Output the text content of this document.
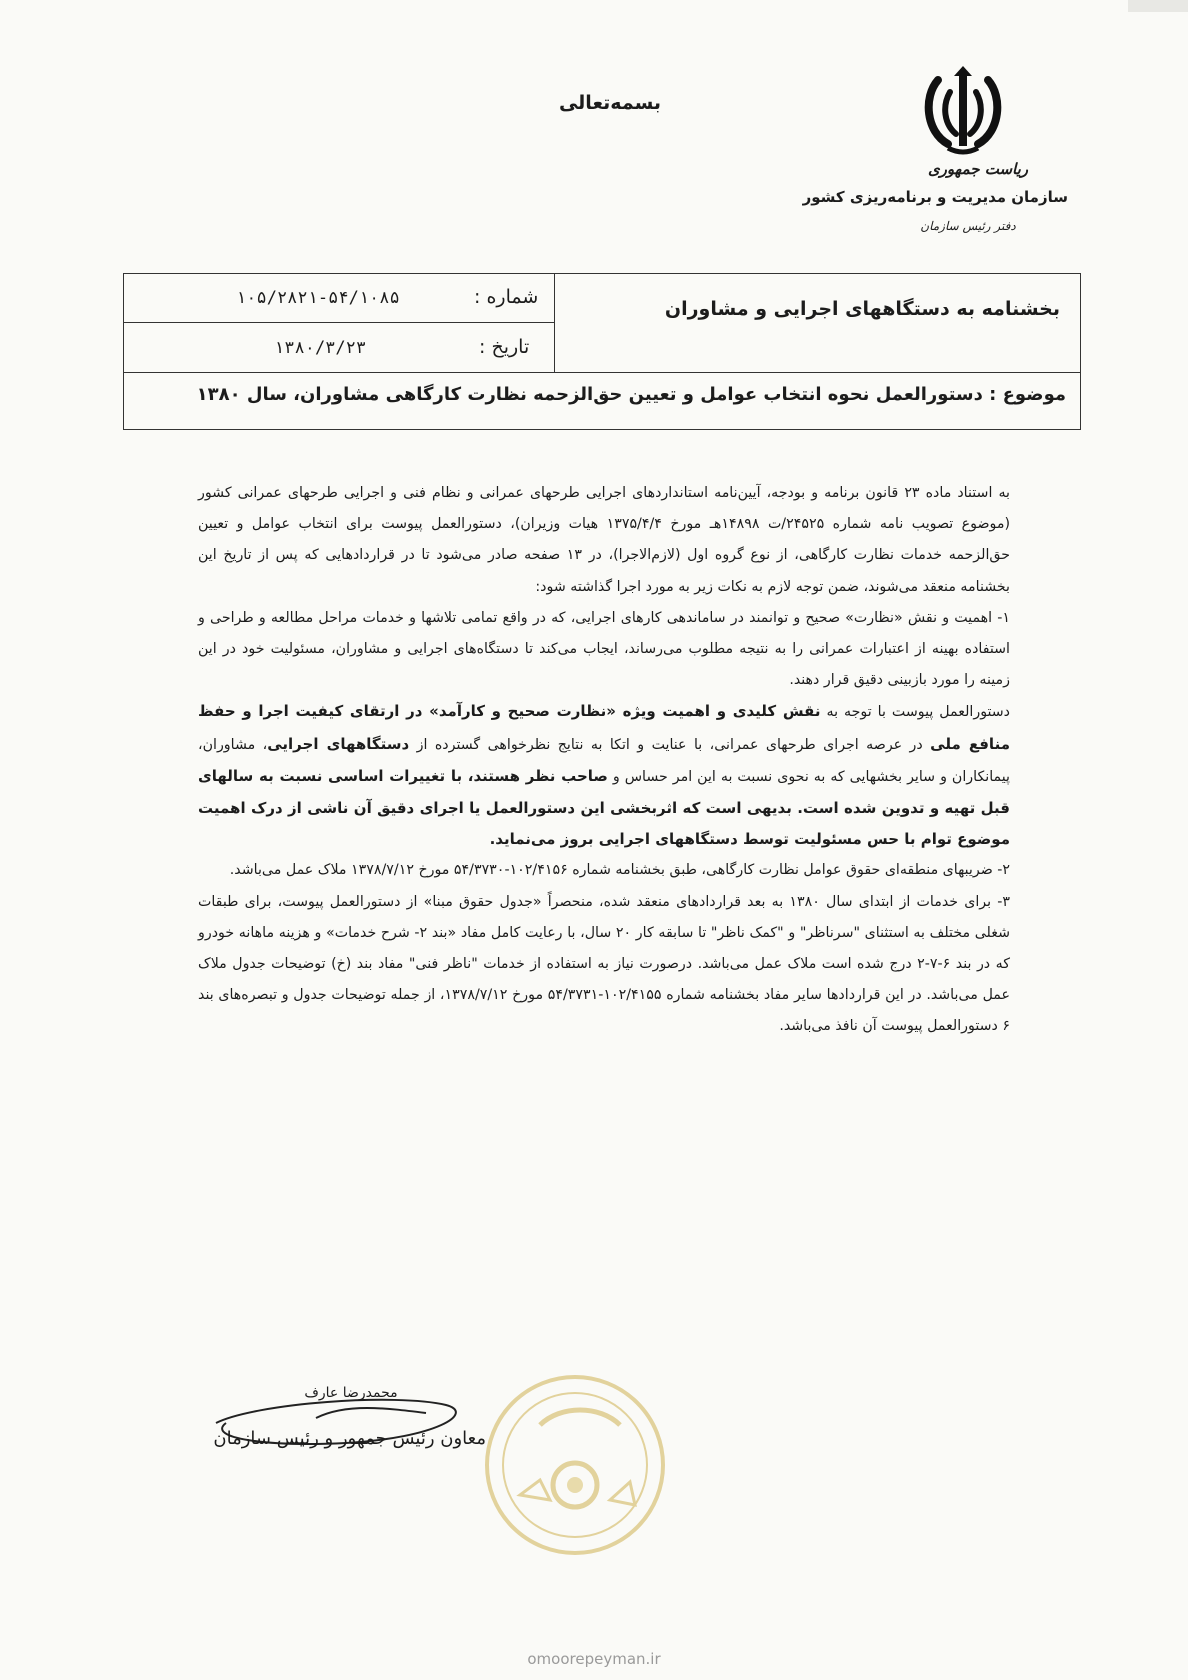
بسمه‌تعالی
ریاست جمهوری
سازمان مدیریت و برنامه‌ریزی کشور
دفتر رئیس سازمان
شماره :
۱۰۵/۲۸۲۱-۵۴/۱۰۸۵
تاریخ :
۱۳۸۰/۳/۲۳
بخشنامه به دستگاههای اجرایی و مشاوران
موضوع : دستورالعمل نحوه انتخاب عوامل و تعیین حق‌الزحمه نظارت کارگاهی مشاوران، سال ۱۳۸۰

به استناد ماده ۲۳ قانون برنامه و بودجه، آیین‌نامه استانداردهای اجرایی طرحهای عمرانی و نظام فنی و اجرایی طرحهای عمرانی کشور (موضوع تصویب نامه شماره ۲۴۵۲۵/ت ۱۴۸۹۸هـ مورخ ۱۳۷۵/۴/۴ هیات وزیران)، دستورالعمل پیوست برای انتخاب عوامل و تعیین حق‌الزحمه خدمات نظارت کارگاهی، از نوع گروه اول (لازم‌الاجرا)، در ۱۳ صفحه صادر می‌شود تا در قراردادهایی که پس از تاریخ این بخشنامه منعقد می‌شوند، ضمن توجه لازم به نکات زیر به مورد اجرا گذاشته شود:

۱- اهمیت و نقش «نظارت» صحیح و توانمند در ساماندهی کارهای اجرایی، که در واقع تمامی تلاشها و خدمات مراحل مطالعه و طراحی و استفاده بهینه از اعتبارات عمرانی را به نتیجه مطلوب می‌رساند، ایجاب می‌کند تا دستگاه‌های اجرایی و مشاوران، مسئولیت خود در این زمینه را مورد بازبینی دقیق قرار دهند.

دستورالعمل پیوست با توجه به نقش کلیدی و اهمیت ویژه «نظارت صحیح و کارآمد» در ارتقای کیفیت اجرا و حفظ منافع ملی در عرصه اجرای طرحهای عمرانی، با عنایت و اتکا به نتایج نظرخواهی گسترده از دستگاههای اجرایی، مشاوران، پیمانکاران و سایر بخشهایی که به نحوی نسبت به این امر حساس و صاحب نظر هستند، با تغییرات اساسی نسبت به سالهای قبل تهیه و تدوین شده است. بدیهی است که اثربخشی این دستورالعمل یا اجرای دقیق آن ناشی از درک اهمیت موضوع توام با حس مسئولیت توسط دستگاههای اجرایی بروز می‌نماید.

۲- ضریبهای منطقه‌ای حقوق عوامل نظارت کارگاهی، طبق بخشنامه شماره ۱۰۲/۴۱۵۶-۵۴/۳۷۳۰ مورخ ۱۳۷۸/۷/۱۲ ملاک عمل می‌باشد.

۳- برای خدمات از ابتدای سال ۱۳۸۰ به بعد قراردادهای منعقد شده، منحصراً «جدول حقوق مبنا» از دستورالعمل پیوست، برای طبقات شغلی مختلف به استثنای "سرناظر" و "کمک ناظر" تا سابقه کار ۲۰ سال، با رعایت کامل مفاد «بند ۲- شرح خدمات» و هزینه ماهانه خودرو که در بند ۶-۷-۲ درج شده است ملاک عمل می‌باشد. درصورت نیاز به استفاده از خدمات "ناظر فنی" مفاد بند (خ) توضیحات جدول ملاک عمل می‌باشد. در این قراردادها سایر مفاد بخشنامه شماره ۱۰۲/۴۱۵۵-۵۴/۳۷۳۱ مورخ ۱۳۷۸/۷/۱۲، از جمله توضیحات جدول و تبصره‌های بند ۶ دستورالعمل پیوست آن نافذ می‌باشد.

محمدرضا عارف
معاون رئیس جمهور و رئیس سازمان
omoorepeyman.ir
